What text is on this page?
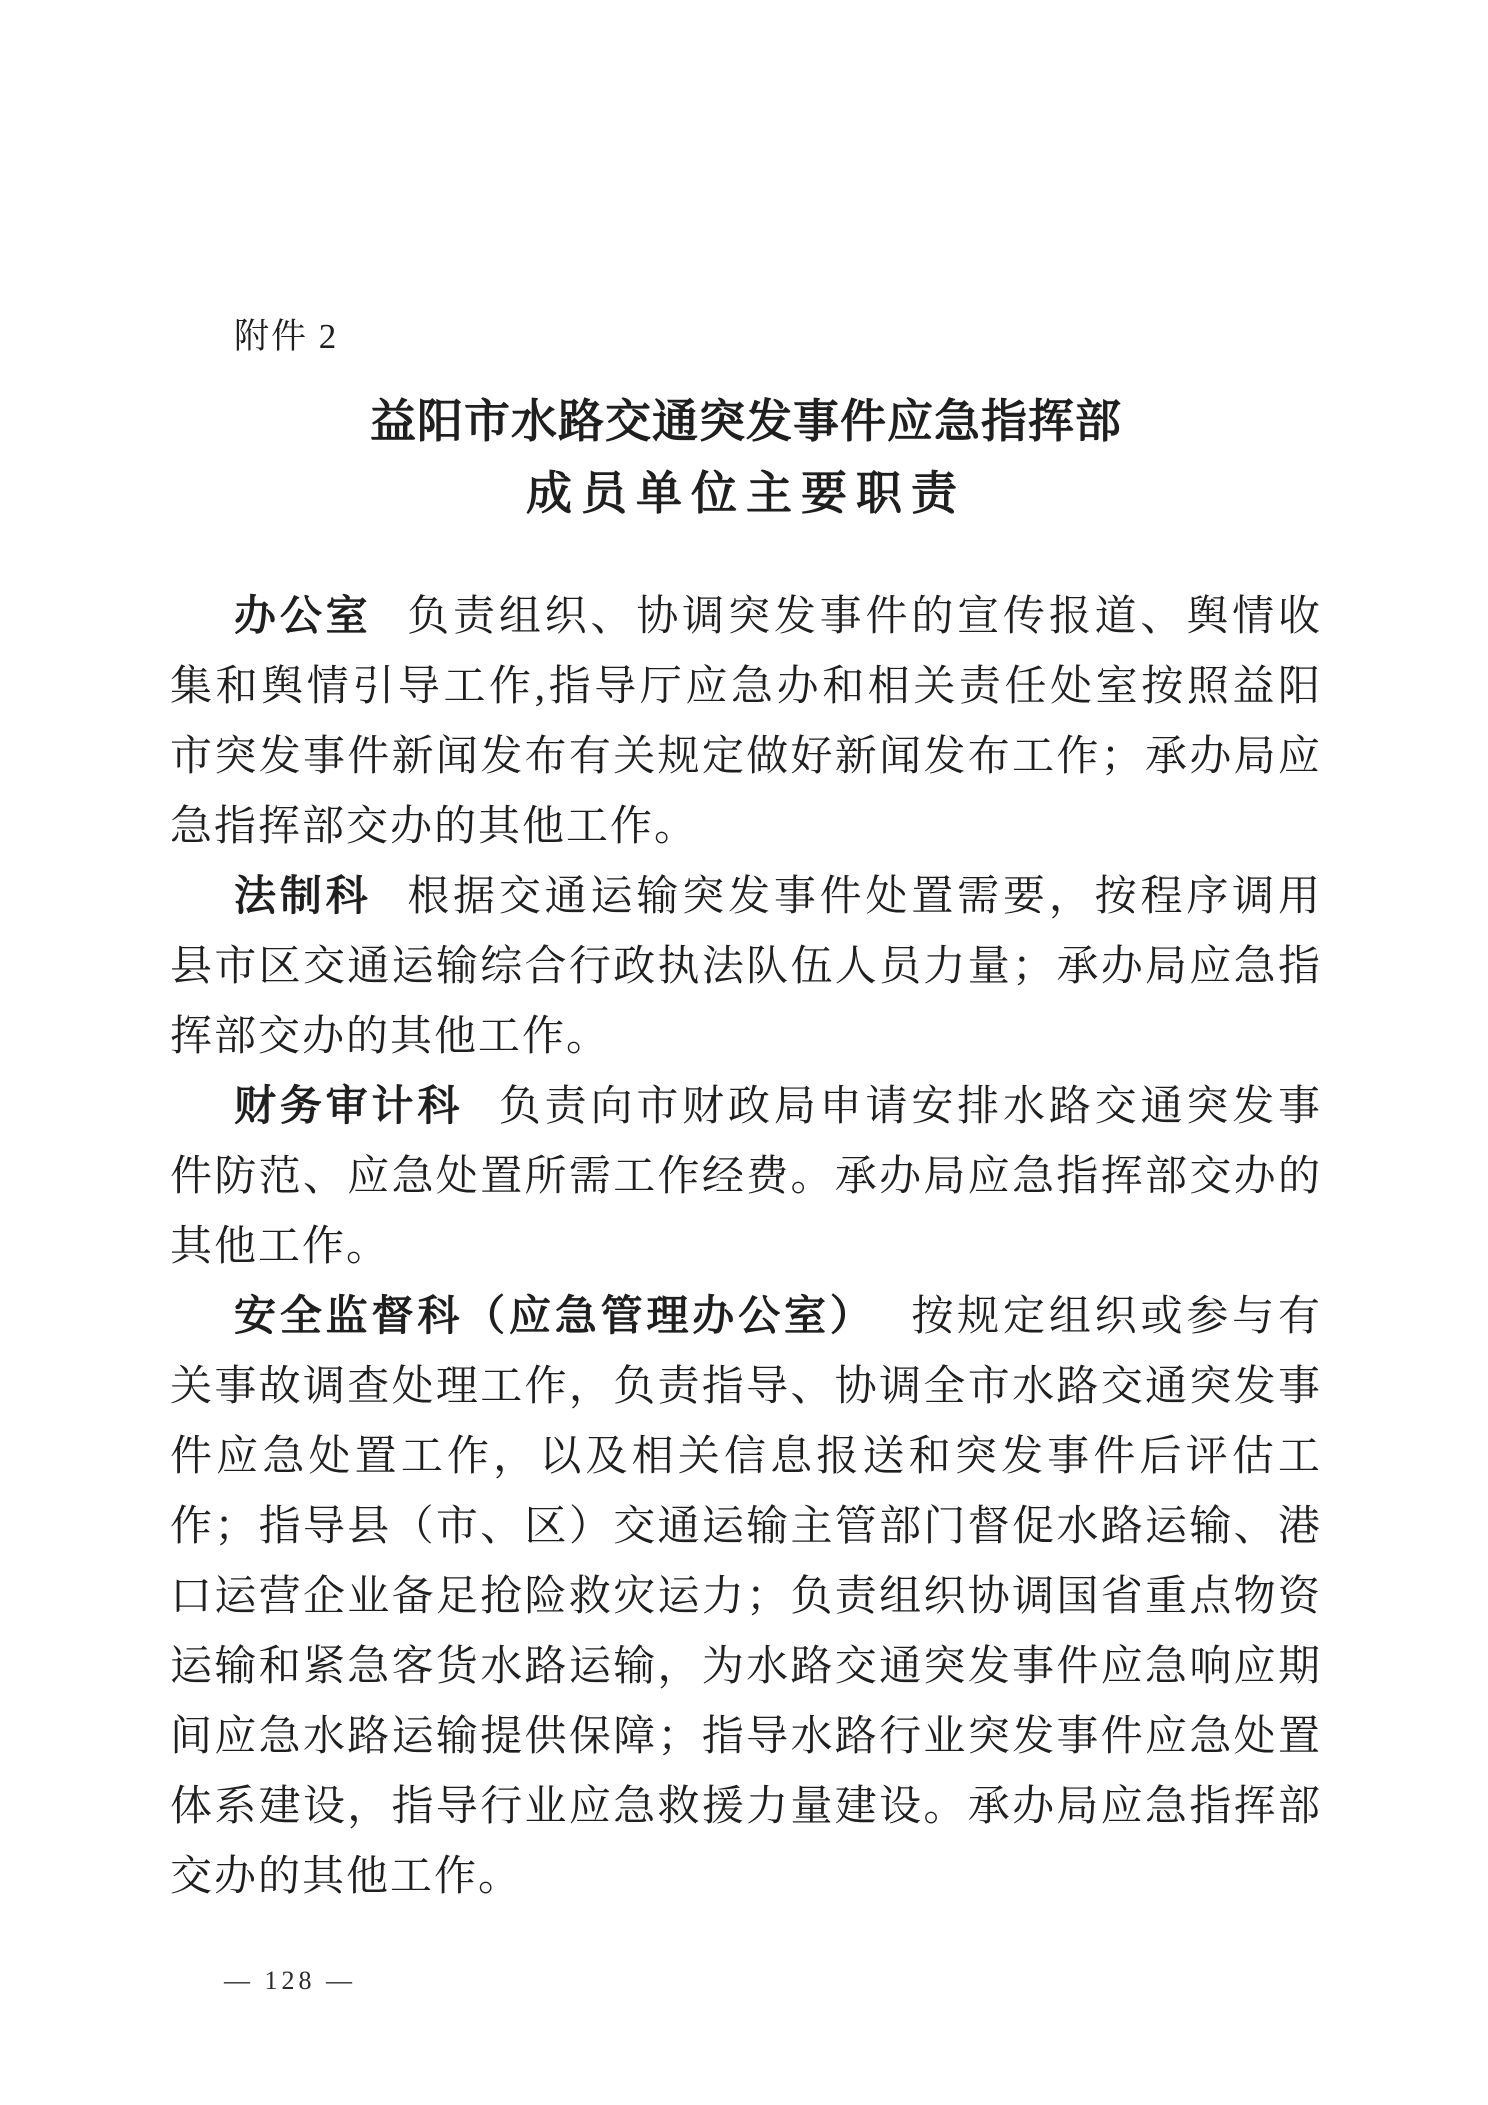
附件 2
益阳市水路交通突发事件应急指挥部
成员单位主要职责

办公室 负责组织、协调突发事件的宣传报道、舆情收集和舆情引导工作,指导厅应急办和相关责任处室按照益阳市突发事件新闻发布有关规定做好新闻发布工作；承办局应急指挥部交办的其他工作。

法制科 根据交通运输突发事件处置需要，按程序调用县市区交通运输综合行政执法队伍人员力量；承办局应急指挥部交办的其他工作。

财务审计科 负责向市财政局申请安排水路交通突发事件防范、应急处置所需工作经费。承办局应急指挥部交办的其他工作。

安全监督科（应急管理办公室） 按规定组织或参与有关事故调查处理工作，负责指导、协调全市水路交通突发事件应急处置工作，以及相关信息报送和突发事件后评估工作；指导县（市、区）交通运输主管部门督促水路运输、港口运营企业备足抢险救灾运力；负责组织协调国省重点物资运输和紧急客货水路运输，为水路交通突发事件应急响应期间应急水路运输提供保障；指导水路行业突发事件应急处置体系建设，指导行业应急救援力量建设。承办局应急指挥部交办的其他工作。

— 128 —
